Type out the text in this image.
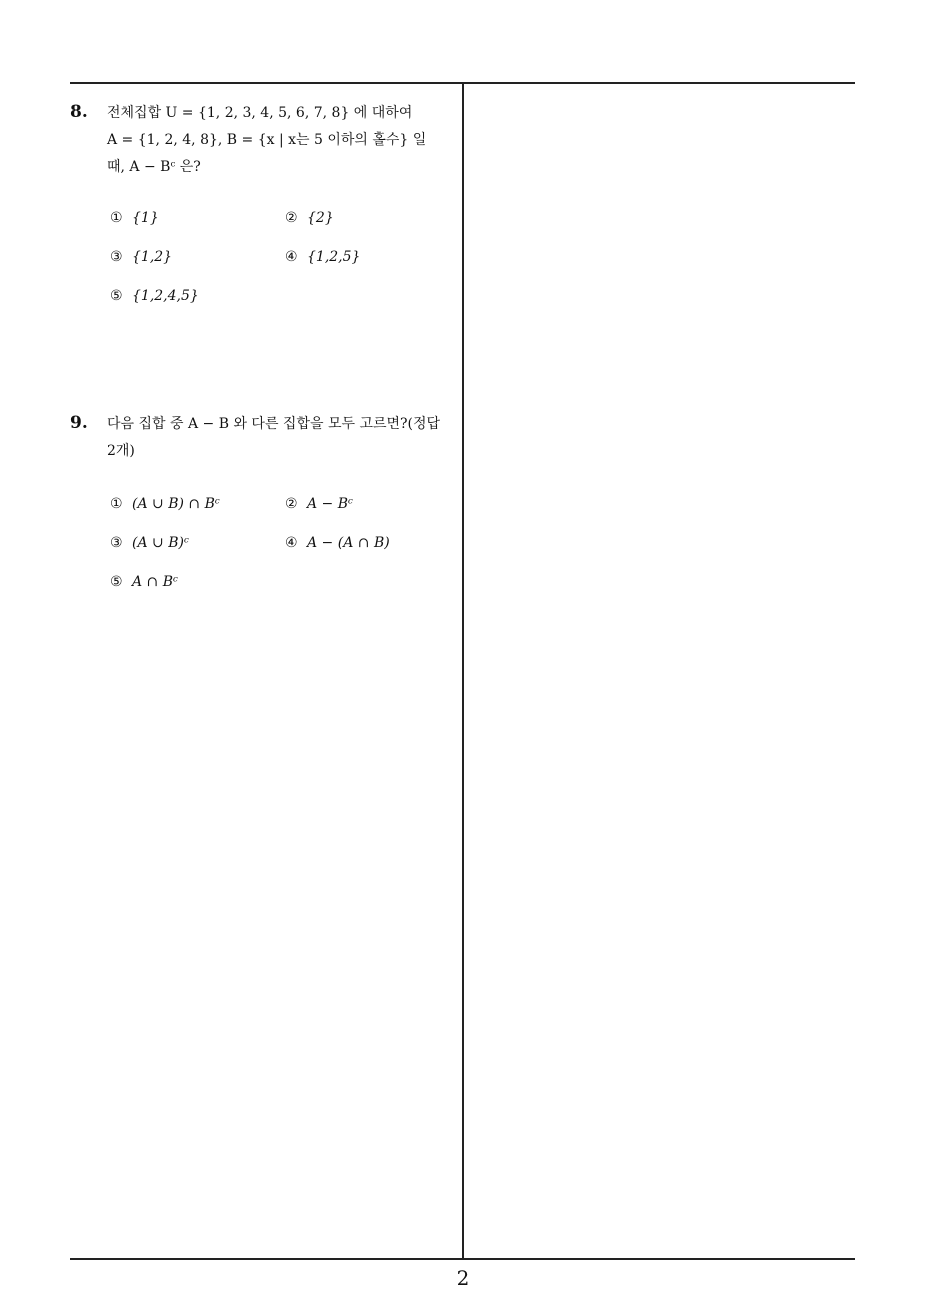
8. 전체집합 U = {1, 2, 3, 4, 5, 6, 7, 8} 에 대하여
A = {1, 2, 4, 8}, B = {x | x는 5 이하의 홀수} 일
때, A − Bᶜ 은?
① {1}	② {2}
③ {1,2}	④ {1,2,5}
⑤ {1,2,4,5}
9. 다음 집합 중 A − B 와 다른 집합을 모두 고르면?(정답
2개)
① (A ∪ B) ∩ Bᶜ	② A − Bᶜ
③ (A ∪ B)ᶜ	④ A − (A ∩ B)
⑤ A ∩ Bᶜ
2
